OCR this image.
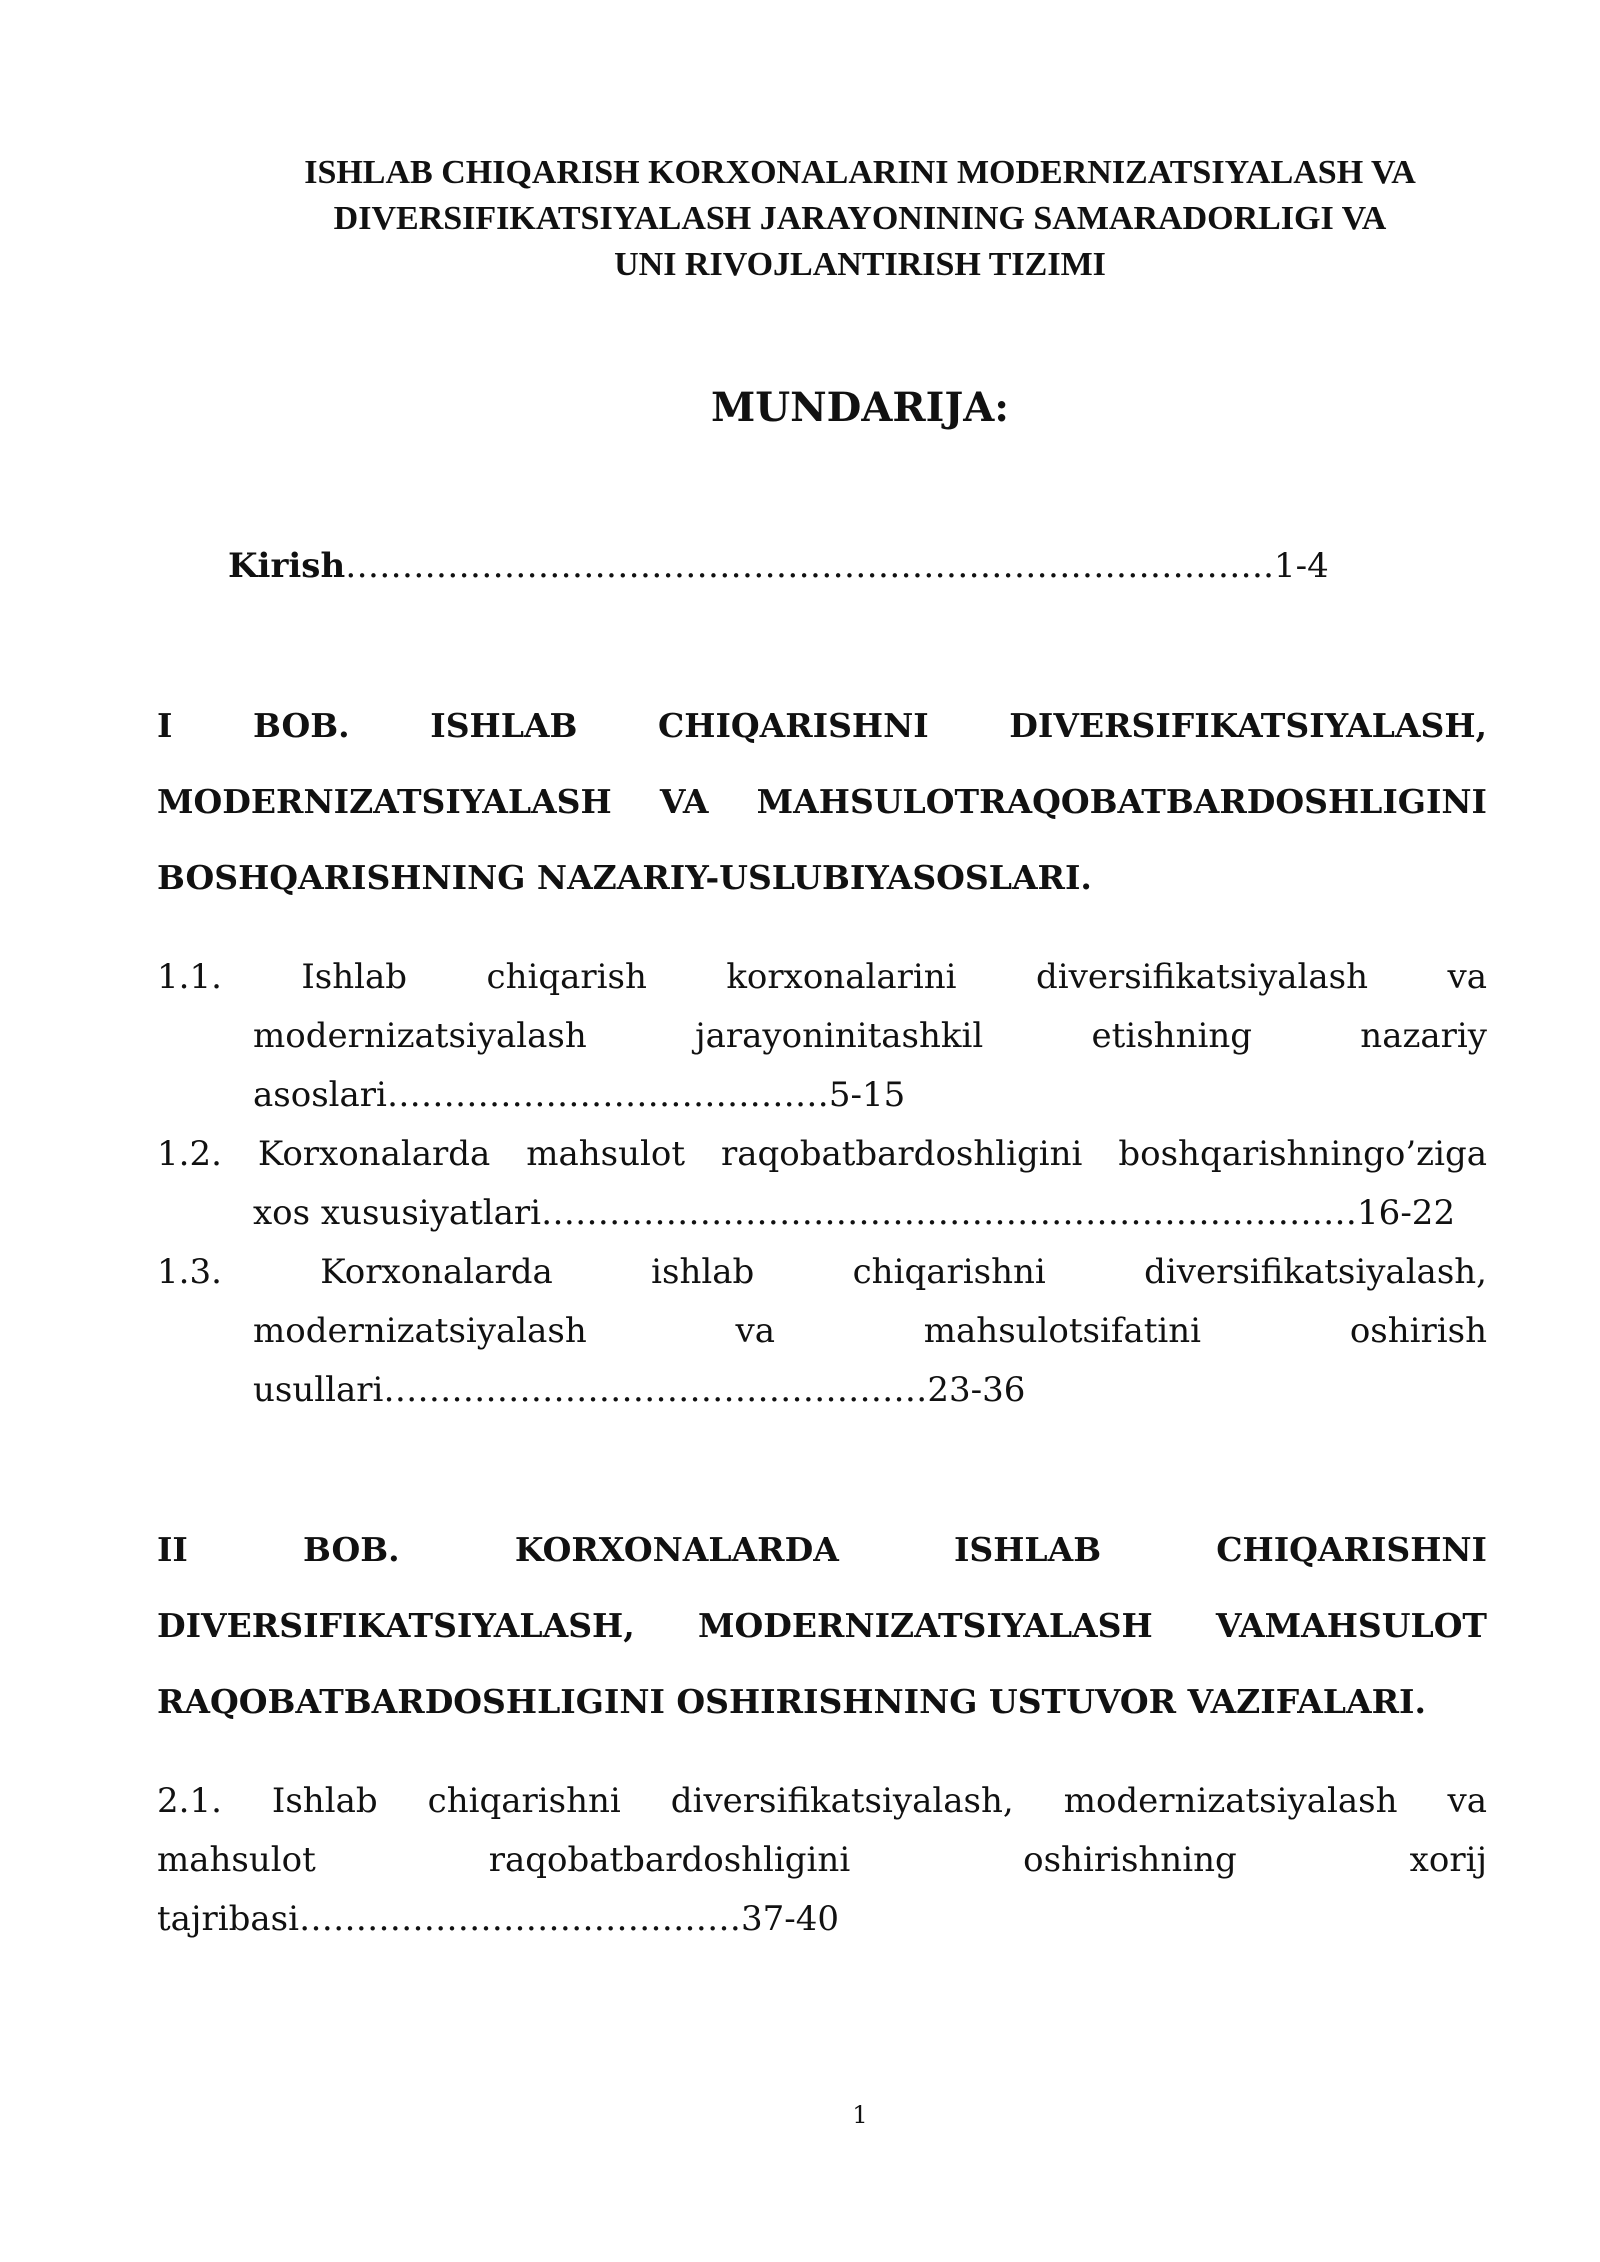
ISHLAB CHIQARISH KORXONALARINI MODERNIZATSIYALASH VA
DIVERSIFIKATSIYALASH JARAYONINING SAMARADORLIGI VA
UNI RIVOJLANTIRISH TIZIMI
MUNDARIJA:
Kirish……………………………………………………………………….1-4
I BOB. ISHLAB CHIQARISHNI DIVERSIFIKATSIYALASH,
MODERNIZATSIYALASH VA MAHSULOTRAQOBATBARDOSHLIGINI
BOSHQARISHNING NAZARIY-USLUBIYASOSLARI.
1.1. Ishlab chiqarish korxonalarini diversifikatsiyalash va
modernizatsiyalash jarayoninitashkil etishning nazariy
asoslari…………………………………5-15
1.2. Korxonalarda mahsulot raqobatbardoshligini boshqarishningo’ziga
xos xususiyatlari………………………………………………………………16-22
1.3. Korxonalarda ishlab chiqarishni diversifikatsiyalash,
modernizatsiyalash va mahsulotsifatini oshirish
usullari…………………………………………23-36
II BOB. KORXONALARDA ISHLAB CHIQARISHNI
DIVERSIFIKATSIYALASH, MODERNIZATSIYALASH VAMAHSULOT
RAQOBATBARDOSHLIGINI OSHIRISHNING USTUVOR VAZIFALARI.
2.1. Ishlab chiqarishni diversifikatsiyalash, modernizatsiyalash va
mahsulot raqobatbardoshligini oshirishning xorij
tajribasi…………………………………37-40
1
